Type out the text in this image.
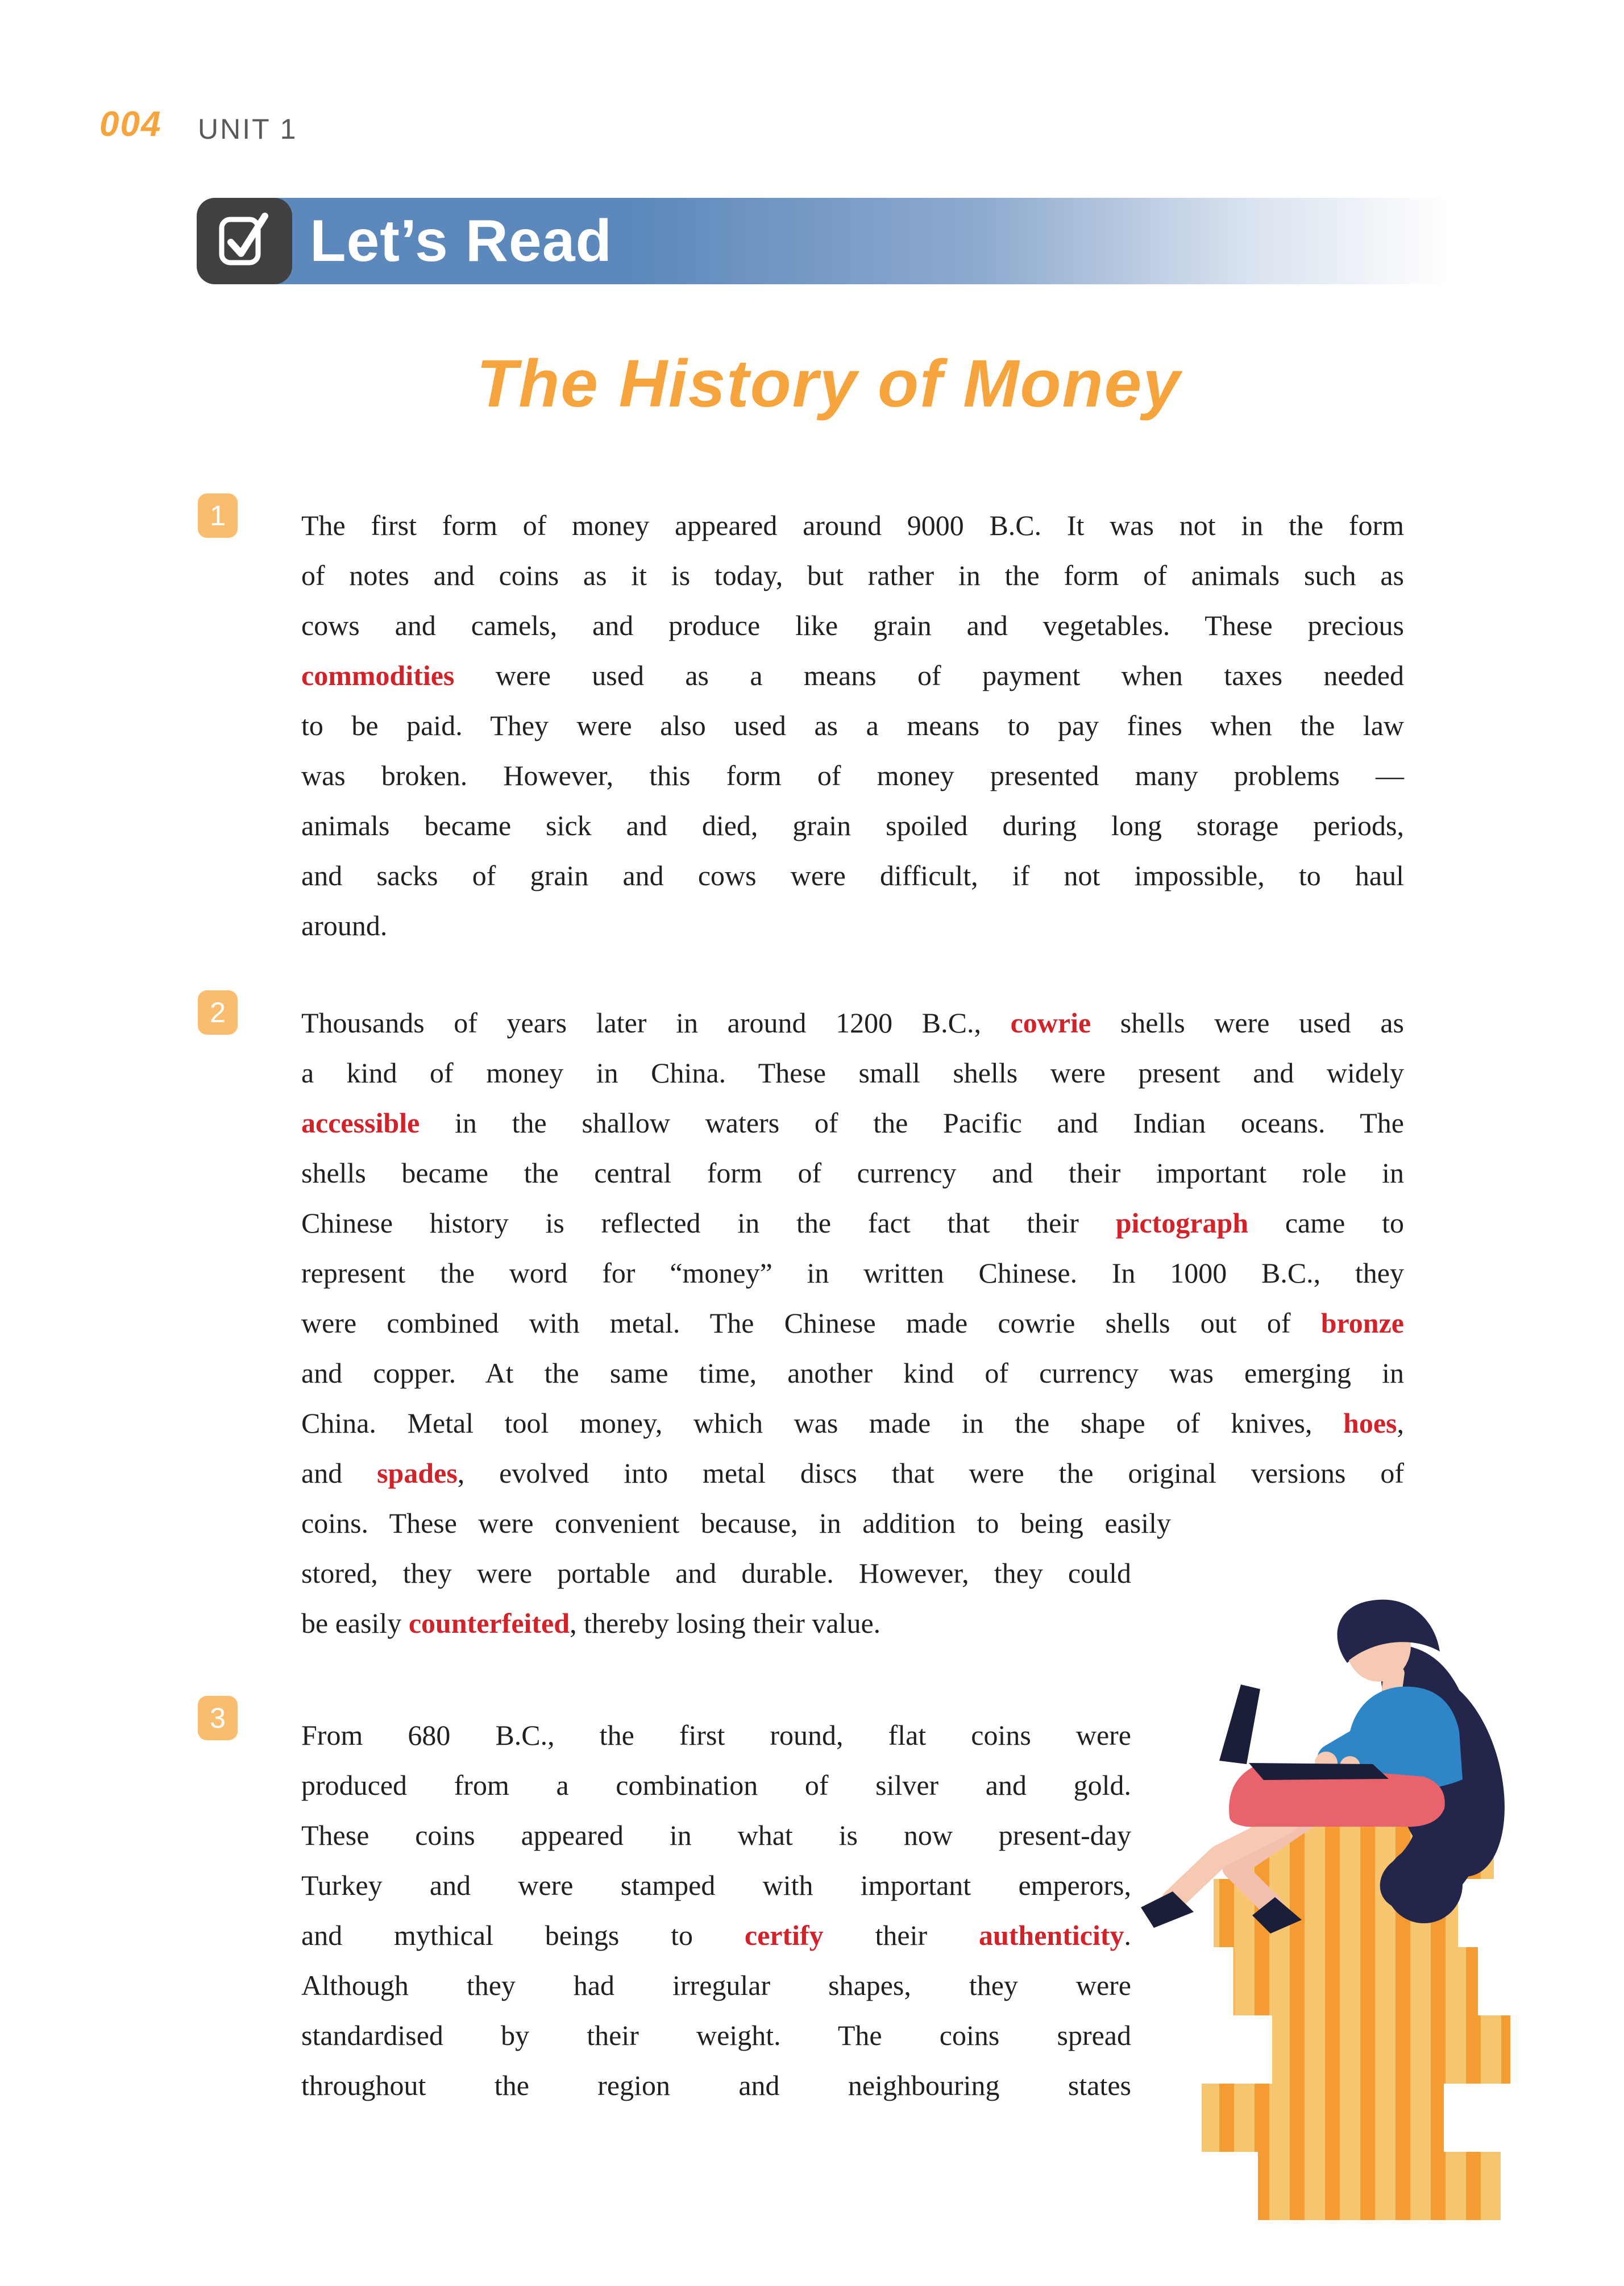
004 UNIT 1
Let’s Read
The History of Money
1
2
3
The first form of money appeared around 9000 B.C. It was not in the form
of notes and coins as it is today, but rather in the form of animals such as
cows and camels, and produce like grain and vegetables. These precious
commodities were used as a means of payment when taxes needed
to be paid. They were also used as a means to pay fines when the law
was broken. However, this form of money presented many problems —
animals became sick and died, grain spoiled during long storage periods,
and sacks of grain and cows were difficult, if not impossible, to haul
around.
Thousands of years later in around 1200 B.C., cowrie shells were used as
a kind of money in China. These small shells were present and widely
accessible in the shallow waters of the Pacific and Indian oceans. The
shells became the central form of currency and their important role in
Chinese history is reflected in the fact that their pictograph came to
represent the word for “money” in written Chinese. In 1000 B.C., they
were combined with metal. The Chinese made cowrie shells out of bronze
and copper. At the same time, another kind of currency was emerging in
China. Metal tool money, which was made in the shape of knives, hoes,
and spades, evolved into metal discs that were the original versions of
coins. These were convenient because, in addition to being easily
stored, they were portable and durable. However, they could
be easily counterfeited, thereby losing their value.
From 680 B.C., the first round, flat coins were
produced from a combination of silver and gold.
These coins appeared in what is now present-day
Turkey and were stamped with important emperors,
and mythical beings to certify their authenticity.
Although they had irregular shapes, they were
standardised by their weight. The coins spread
throughout the region and neighbouring states
